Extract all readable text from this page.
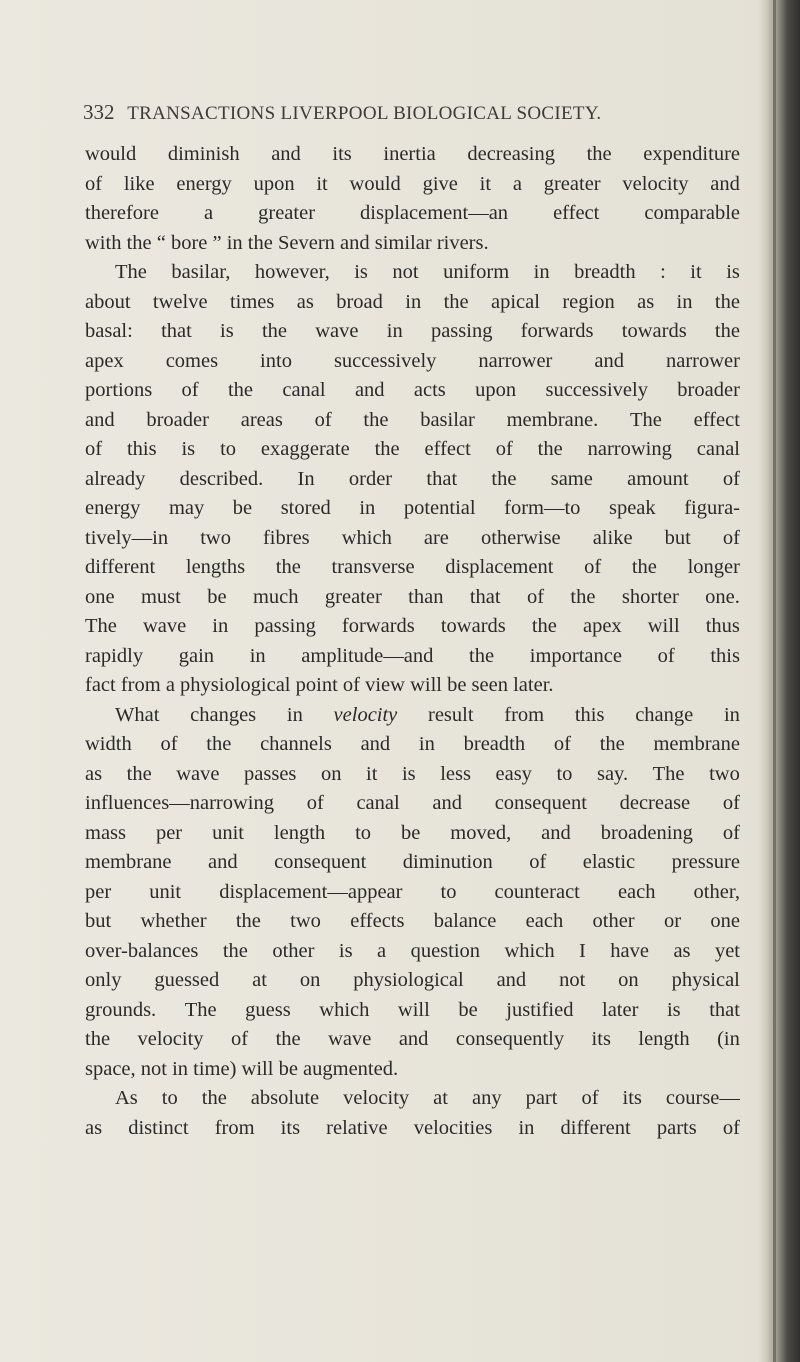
332 TRANSACTIONS LIVERPOOL BIOLOGICAL SOCIETY.
would diminish and its inertia decreasing the expenditure
of like energy upon it would give it a greater velocity and
therefore a greater displacement—an effect comparable
with the “ bore ” in the Severn and similar rivers.
The basilar, however, is not uniform in breadth : it is
about twelve times as broad in the apical region as in the
basal: that is the wave in passing forwards towards the
apex comes into successively narrower and narrower
portions of the canal and acts upon successively broader
and broader areas of the basilar membrane. The effect
of this is to exaggerate the effect of the narrowing canal
already described. In order that the same amount of
energy may be stored in potential form—to speak figura-
tively—in two fibres which are otherwise alike but of
different lengths the transverse displacement of the longer
one must be much greater than that of the shorter one.
The wave in passing forwards towards the apex will thus
rapidly gain in amplitude—and the importance of this
fact from a physiological point of view will be seen later.
What changes in velocity result from this change in
width of the channels and in breadth of the membrane
as the wave passes on it is less easy to say. The two
influences—narrowing of canal and consequent decrease of
mass per unit length to be moved, and broadening of
membrane and consequent diminution of elastic pressure
per unit displacement—appear to counteract each other,
but whether the two effects balance each other or one
over-balances the other is a question which I have as yet
only guessed at on physiological and not on physical
grounds. The guess which will be justified later is that
the velocity of the wave and consequently its length (in
space, not in time) will be augmented.
As to the absolute velocity at any part of its course—
as distinct from its relative velocities in different parts of
